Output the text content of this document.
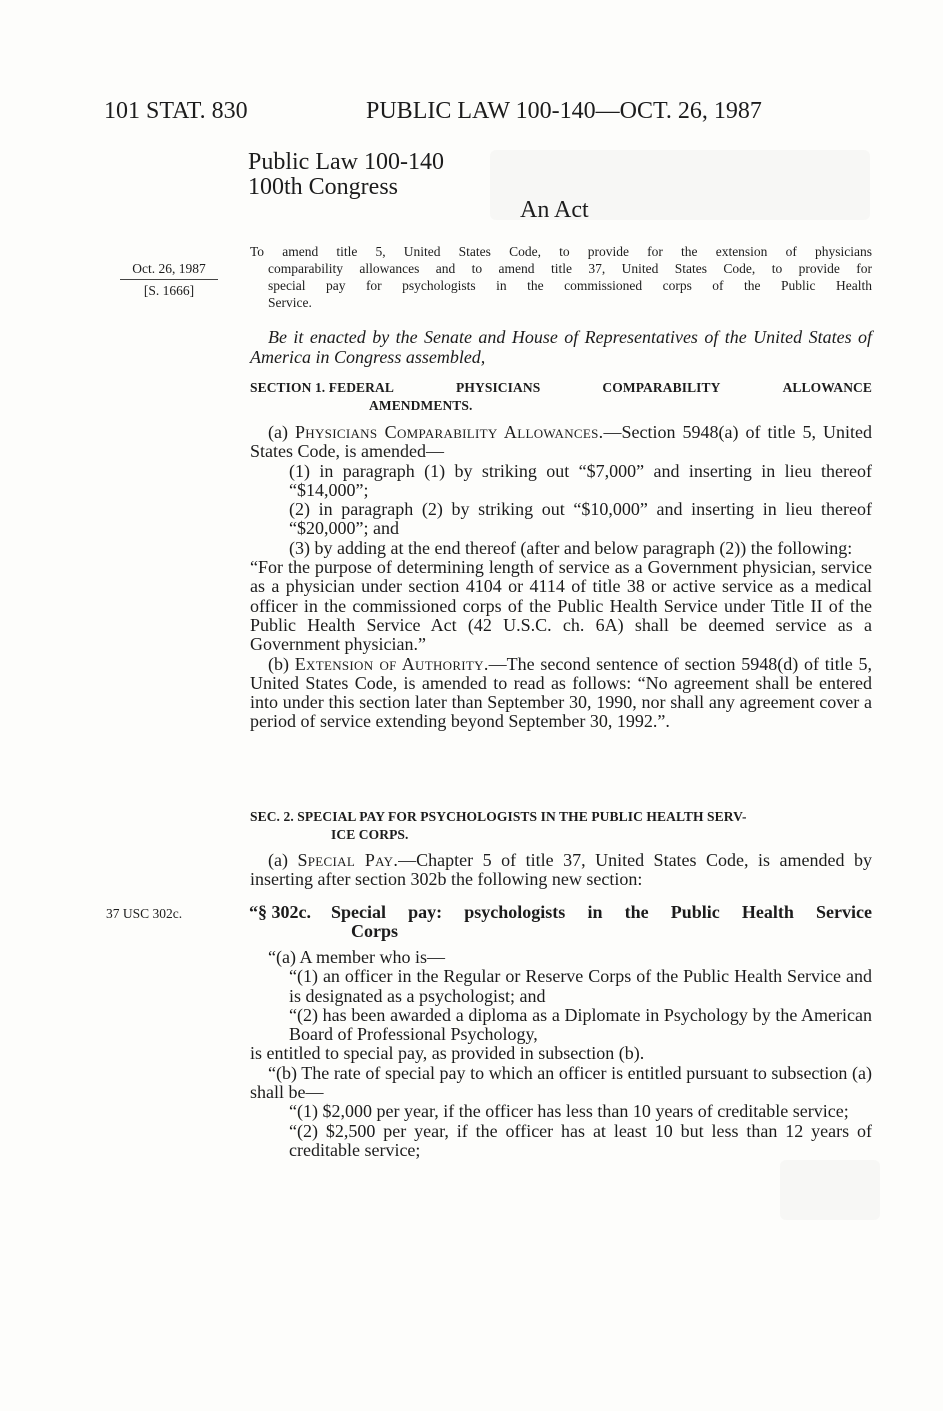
101 STAT. 830	PUBLIC LAW 100-140—OCT. 26, 1987
Public Law 100-140
100th Congress
An Act
Oct. 26, 1987
[S. 1666]
37 USC 302c.
To amend title 5, United States Code, to provide for the extension of physicians
comparability allowances and to amend title 37, United States Code, to provide for
special pay for psychologists in the commissioned corps of the Public Health
Service.
Be it enacted by the Senate and House of Representatives of the United States of America in Congress assembled,
SECTION 1. FEDERAL	PHYSICIANS	COMPARABILITY	ALLOWANCE
AMENDMENTS.

(a) Physicians Comparability Allowances.—Section 5948(a) of title 5, United States Code, is amended—

(1) in paragraph (1) by striking out “$7,000” and inserting in lieu thereof “$14,000”;

(2) in paragraph (2) by striking out “$10,000” and inserting in lieu thereof “$20,000”; and

(3) by adding at the end thereof (after and below paragraph (2)) the following:

“For the purpose of determining length of service as a Government physician, service as a physician under section 4104 or 4114 of title 38 or active service as a medical officer in the commissioned corps of the Public Health Service under Title II of the Public Health Service Act (42 U.S.C. ch. 6A) shall be deemed service as a Government physician.”

(b) Extension of Authority.—The second sentence of section 5948(d) of title 5, United States Code, is amended to read as follows: “No agreement shall be entered into under this section later than September 30, 1990, nor shall any agreement cover a period of service extending beyond September 30, 1992.”.

SEC. 2. SPECIAL PAY FOR PSYCHOLOGISTS IN THE PUBLIC HEALTH SERV-
ICE CORPS.

(a) Special Pay.—Chapter 5 of title 37, United States Code, is amended by inserting after section 302b the following new section:

“§ 302c. Special pay: psychologists in the Public Health Service
Corps

“(a) A member who is—

“(1) an officer in the Regular or Reserve Corps of the Public Health Service and is designated as a psychologist; and

“(2) has been awarded a diploma as a Diplomate in Psychology by the American Board of Professional Psychology,

is entitled to special pay, as provided in subsection (b).

“(b) The rate of special pay to which an officer is entitled pursuant to subsection (a) shall be—

“(1) $2,000 per year, if the officer has less than 10 years of creditable service;

“(2) $2,500 per year, if the officer has at least 10 but less than 12 years of creditable service;
